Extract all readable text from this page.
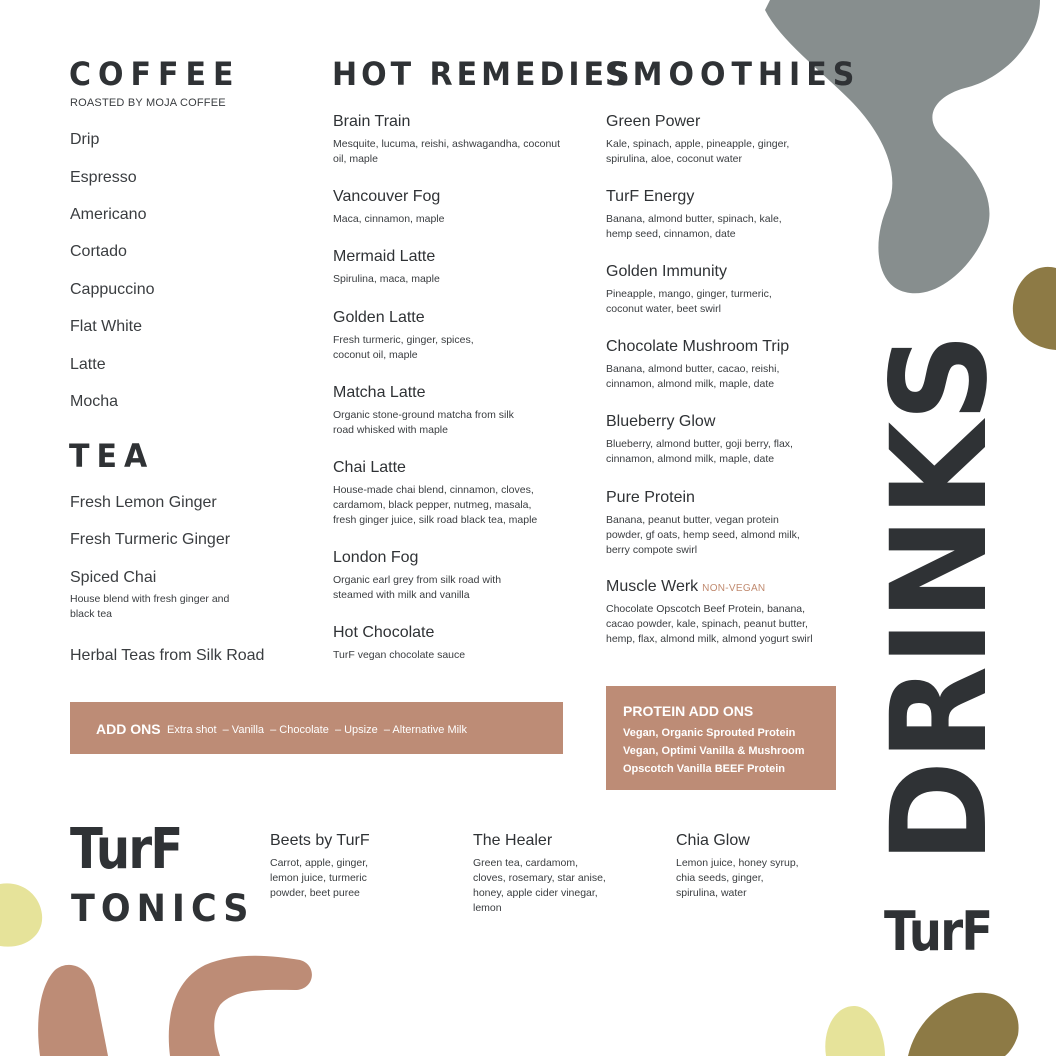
COFFEE
ROASTED BY MOJA COFFEE
Drip
Espresso
Americano
Cortado
Cappuccino
Flat White
Latte
Mocha
TEA
Fresh Lemon Ginger
Fresh Turmeric Ginger
Spiced Chai
House blend with fresh ginger and black tea
Herbal Teas from Silk Road
HOT REMEDIES
Brain Train
Mesquite, lucuma, reishi, ashwagandha, coconut oil, maple
Vancouver Fog
Maca, cinnamon, maple
Mermaid Latte
Spirulina, maca, maple
Golden Latte
Fresh turmeric, ginger, spices, coconut oil, maple
Matcha Latte
Organic stone-ground matcha from silk road whisked with maple
Chai Latte
House-made chai blend, cinnamon, cloves, cardamom, black pepper, nutmeg, masala, fresh ginger juice, silk road black tea, maple
London Fog
Organic earl grey from silk road with steamed with milk and vanilla
Hot Chocolate
TurF vegan chocolate sauce
SMOOTHIES
Green Power
Kale, spinach, apple, pineapple, ginger, spirulina, aloe, coconut water
TurF Energy
Banana, almond butter, spinach, kale, hemp seed, cinnamon, date
Golden Immunity
Pineapple, mango, ginger, turmeric, coconut water, beet swirl
Chocolate Mushroom Trip
Banana, almond butter, cacao, reishi, cinnamon, almond milk, maple, date
Blueberry Glow
Blueberry, almond butter, goji berry, flax, cinnamon, almond milk, maple, date
Pure Protein
Banana, peanut butter, vegan protein powder, gf oats, hemp seed, almond milk, berry compote swirl
Muscle Werk NON-VEGAN
Chocolate Opscotch Beef Protein, banana, cacao powder, kale, spinach, peanut butter, hemp, flax, almond milk, almond yogurt swirl
ADD ONS Extra shot  – Vanilla  – Chocolate  – Upsize  – Alternative Milk
PROTEIN ADD ONS
Vegan, Organic Sprouted Protein
Vegan, Optimi Vanilla & Mushroom
Opscotch Vanilla BEEF Protein
TurF
TONICS
Beets by TurF
Carrot, apple, ginger, lemon juice, turmeric powder, beet puree
The Healer
Green tea, cardamom, cloves, rosemary, star anise, honey, apple cider vinegar, lemon
Chia Glow
Lemon juice, honey syrup, chia seeds, ginger, spirulina, water
DRINKS
TurF
